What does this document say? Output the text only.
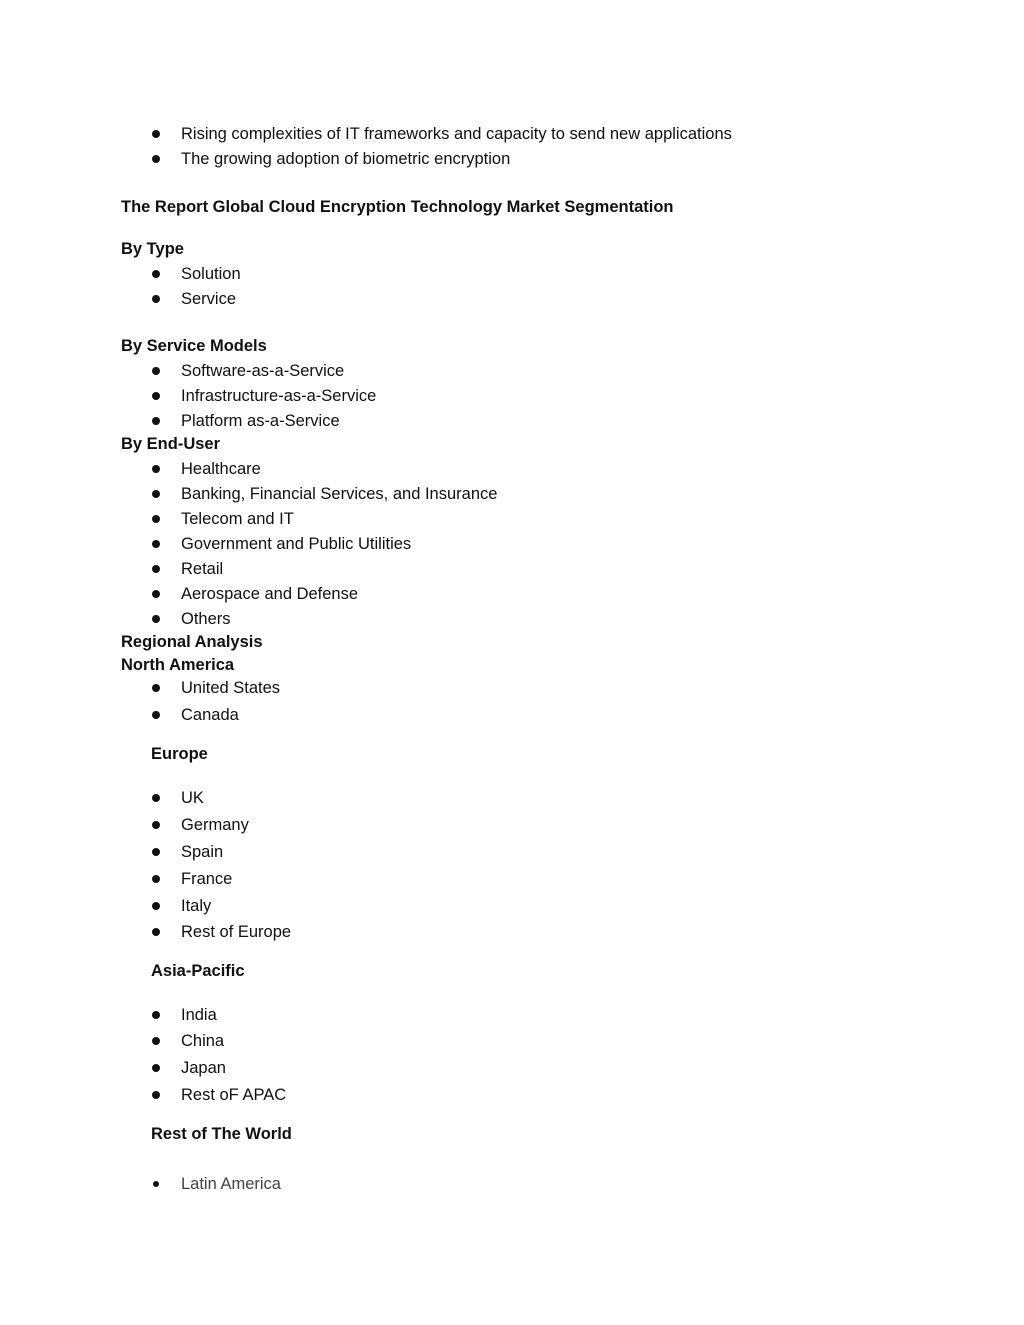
Rising complexities of IT frameworks and capacity to send new applications
The growing adoption of biometric encryption
The Report Global Cloud Encryption Technology Market Segmentation
By Type
Solution
Service
By Service Models
Software-as-a-Service
Infrastructure-as-a-Service
Platform as-a-Service
By End-User
Healthcare
Banking, Financial Services, and Insurance
Telecom and IT
Government and Public Utilities
Retail
Aerospace and Defense
Others
Regional Analysis
North America
United States
Canada
Europe
UK
Germany
Spain
France
Italy
Rest of Europe
Asia-Pacific
India
China
Japan
Rest oF APAC
Rest of The World
Latin America
